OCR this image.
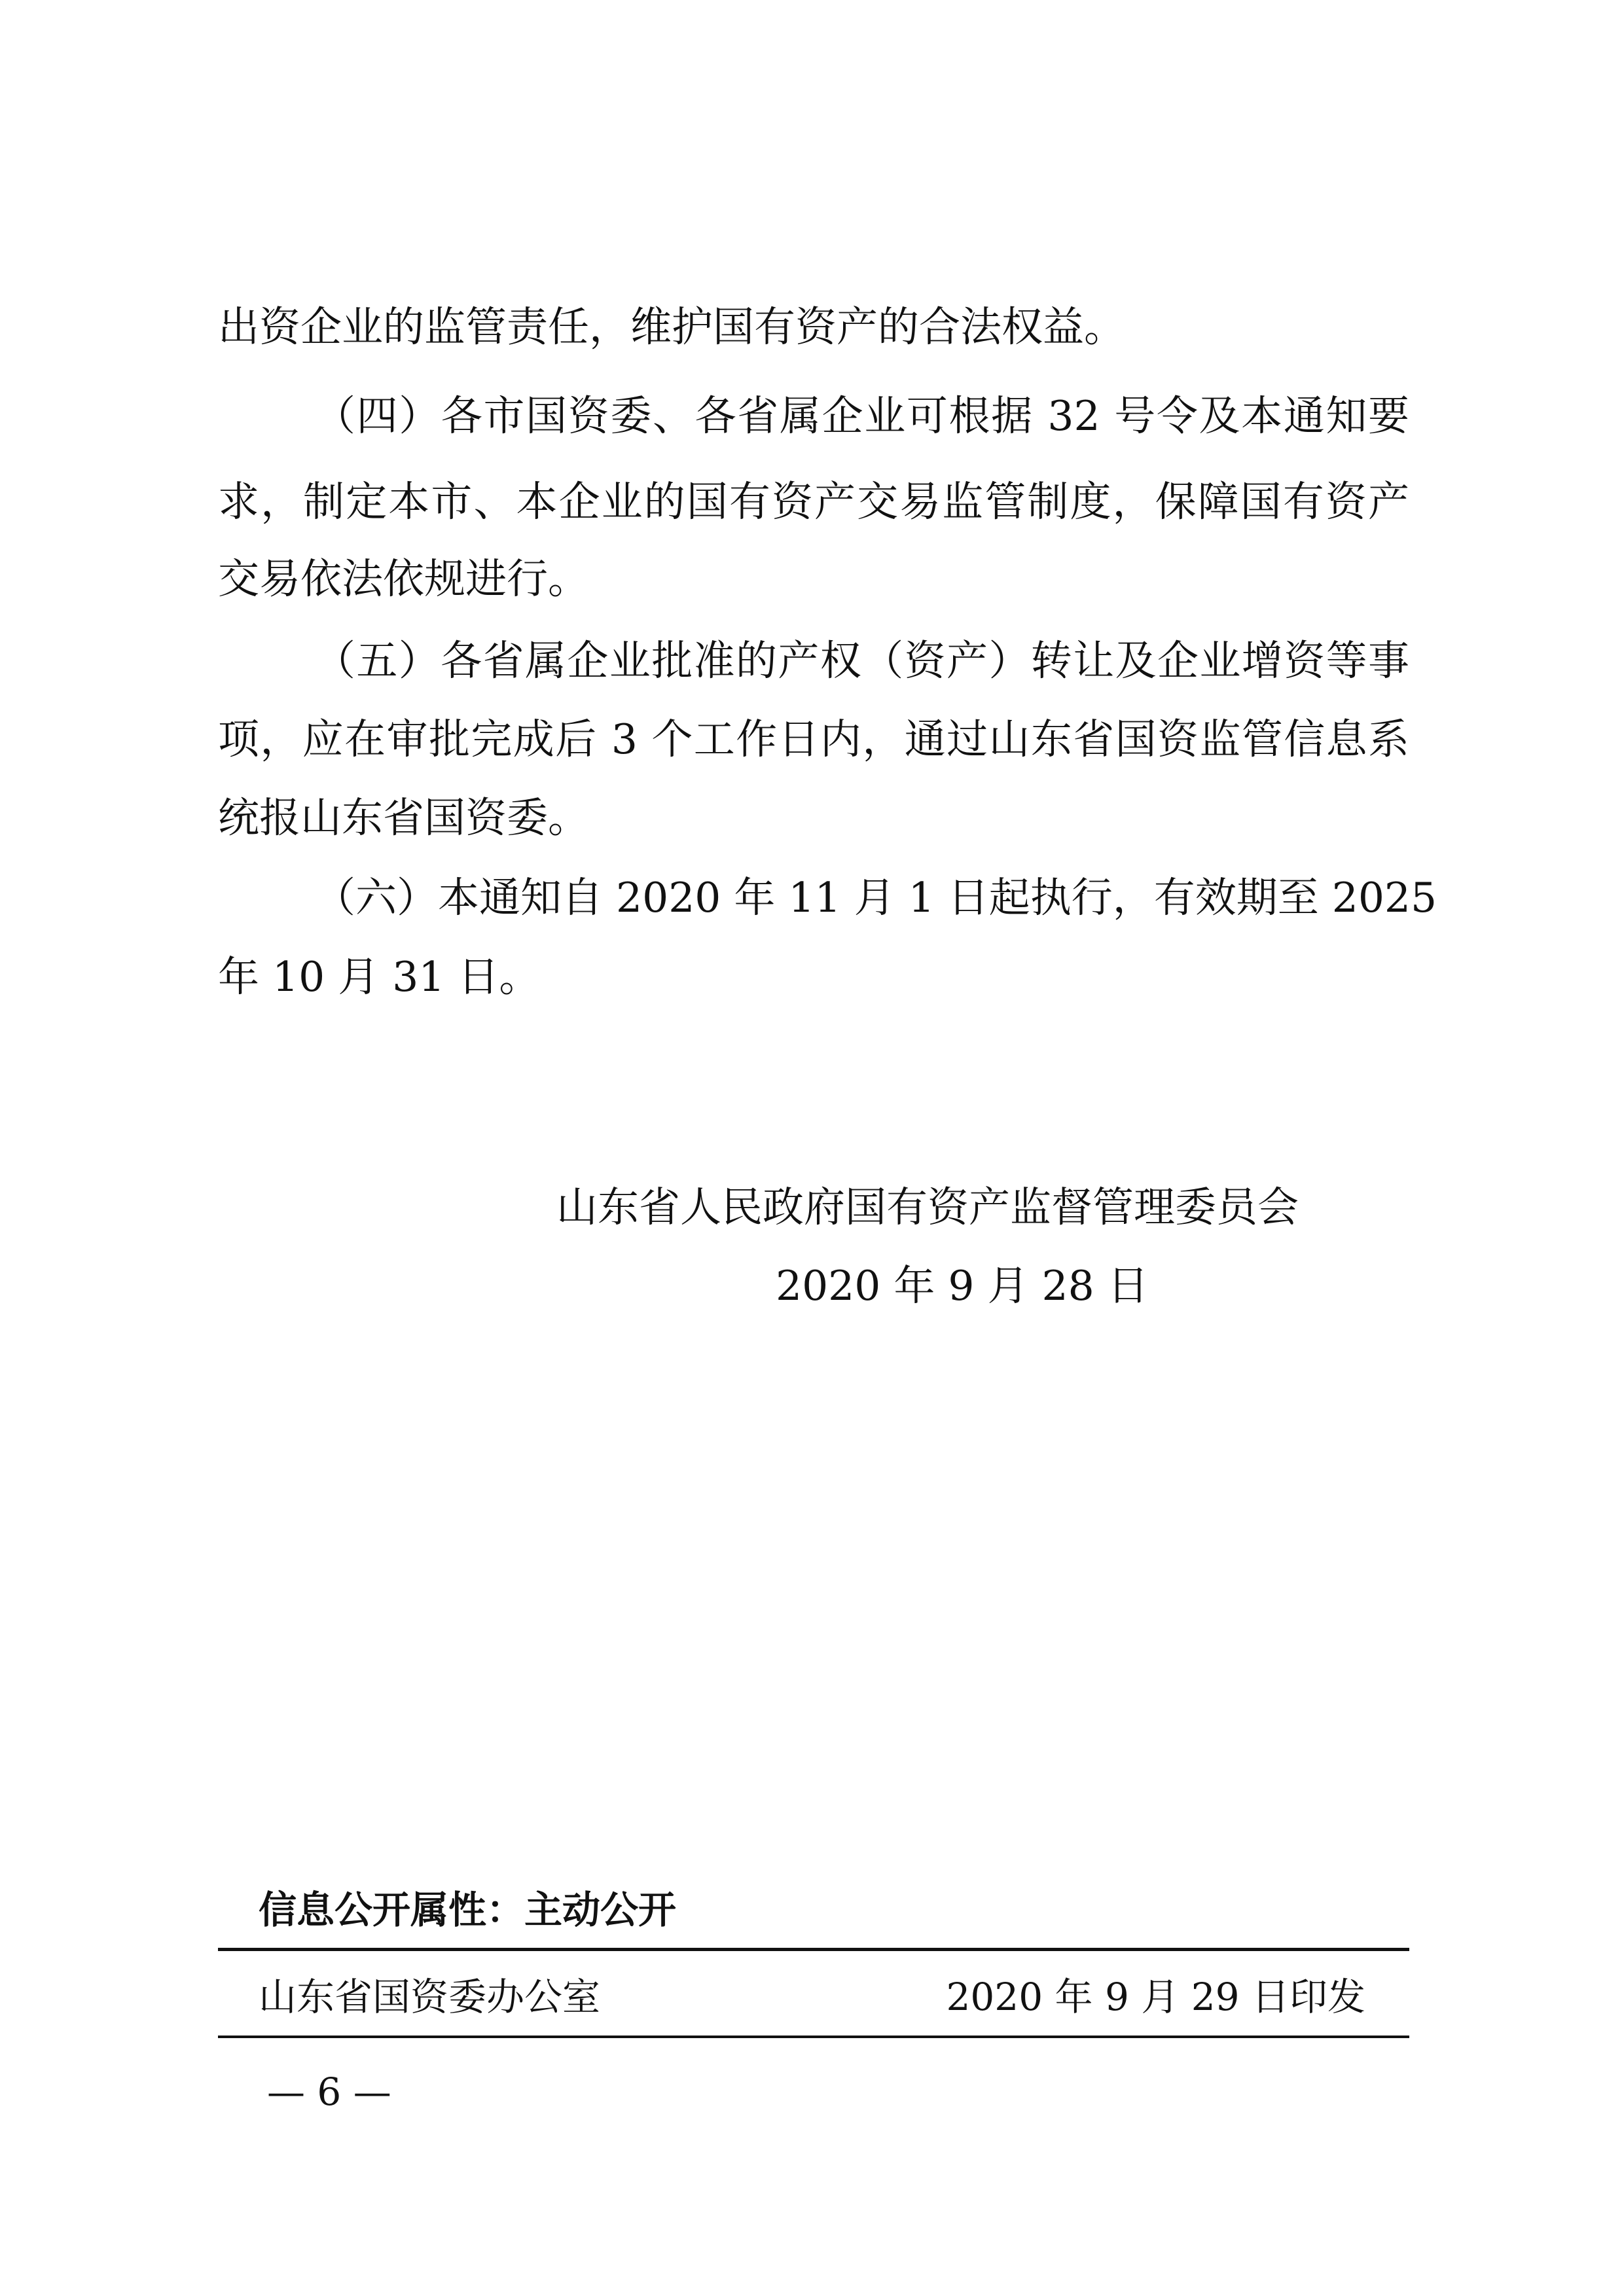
出资企业的监管责任，维护国有资产的合法权益。
（四）各市国资委、各省属企业可根据 32 号令及本通知要
求，制定本市、本企业的国有资产交易监管制度，保障国有资产
交易依法依规进行。
（五）各省属企业批准的产权（资产）转让及企业增资等事
项，应在审批完成后 3 个工作日内，通过山东省国资监管信息系
统报山东省国资委。
（六）本通知自 2020 年 11 月 1 日起执行，有效期至 2025
年 10 月 31 日。
山东省人民政府国有资产监督管理委员会
2020 年 9 月 28 日
信息公开属性：主动公开
山东省国资委办公室	2020 年 9 月 29 日印发
— 6 —
